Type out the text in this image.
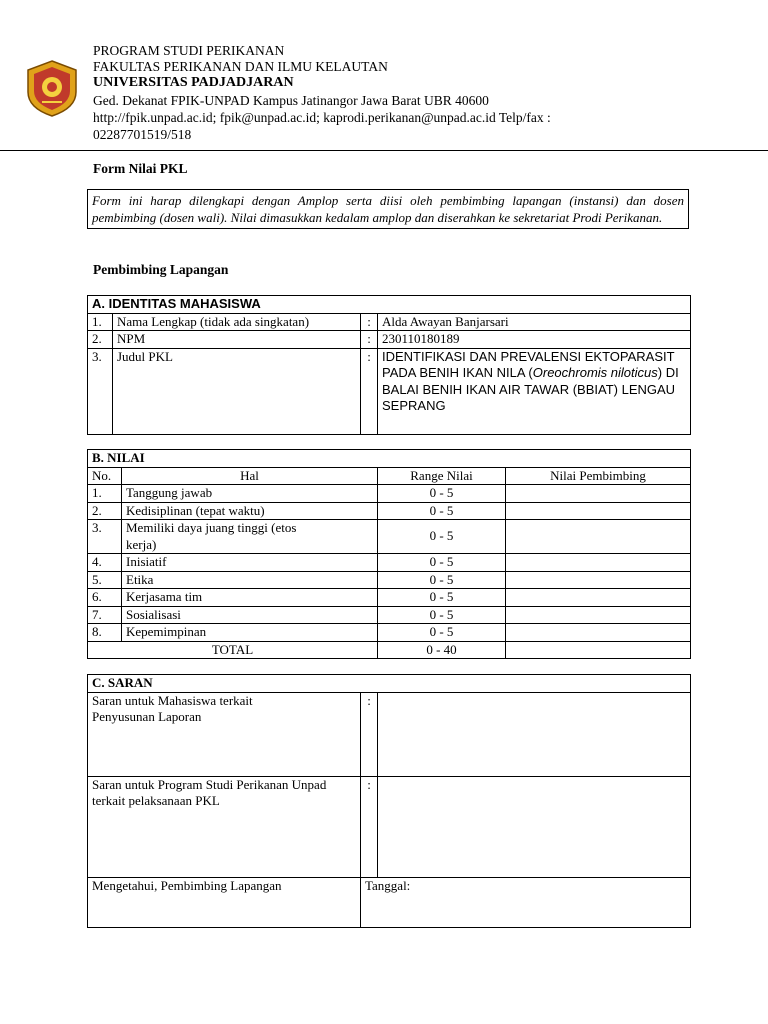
PROGRAM STUDI PERIKANAN
FAKULTAS PERIKANAN DAN ILMU KELAUTAN
UNIVERSITAS PADJADJARAN
Ged. Dekanat FPIK-UNPAD Kampus Jatinangor Jawa Barat UBR 40600
http://fpik.unpad.ac.id; fpik@unpad.ac.id; kaprodi.perikanan@unpad.ac.id Telp/fax :
02287701519/518
Form Nilai PKL
Form ini harap dilengkapi dengan Amplop serta diisi oleh pembimbing lapangan (instansi) dan dosen pembimbing (dosen wali). Nilai dimasukkan kedalam amplop dan diserahkan ke sekretariat Prodi Perikanan.
Pembimbing Lapangan
A. IDENTITAS MAHASISWA			
1.	Nama Lengkap (tidak ada singkatan)	:	Alda Awayan Banjarsari
2.	NPM	:	230110180189
3.	Judul PKL	:	IDENTIFIKASI DAN PREVALENSI EKTOPARASIT PADA BENIH IKAN NILA (Oreochromis niloticus) DI BALAI BENIH IKAN AIR TAWAR (BBIAT) LENGAU SEPRANG
B. NILAI			
No.	Hal	Range Nilai	Nilai Pembimbing
1.	Tanggung jawab	0 - 5	
2.	Kedisiplinan (tepat waktu)	0 - 5	
3.	Memiliki daya juang tinggi (etos kerja)	0 - 5	
4.	Inisiatif	0 - 5	
5.	Etika	0 - 5	
6.	Kerjasama tim	0 - 5	
7.	Sosialisasi	0 - 5	
8.	Kepemimpinan	0 - 5	
TOTAL		0 - 40	
C. SARAN		
Saran untuk Mahasiswa terkait Penyusunan Laporan	:	
Saran untuk Program Studi Perikanan Unpad terkait pelaksanaan PKL	:	
Mengetahui, Pembimbing Lapangan	Tanggal:	
